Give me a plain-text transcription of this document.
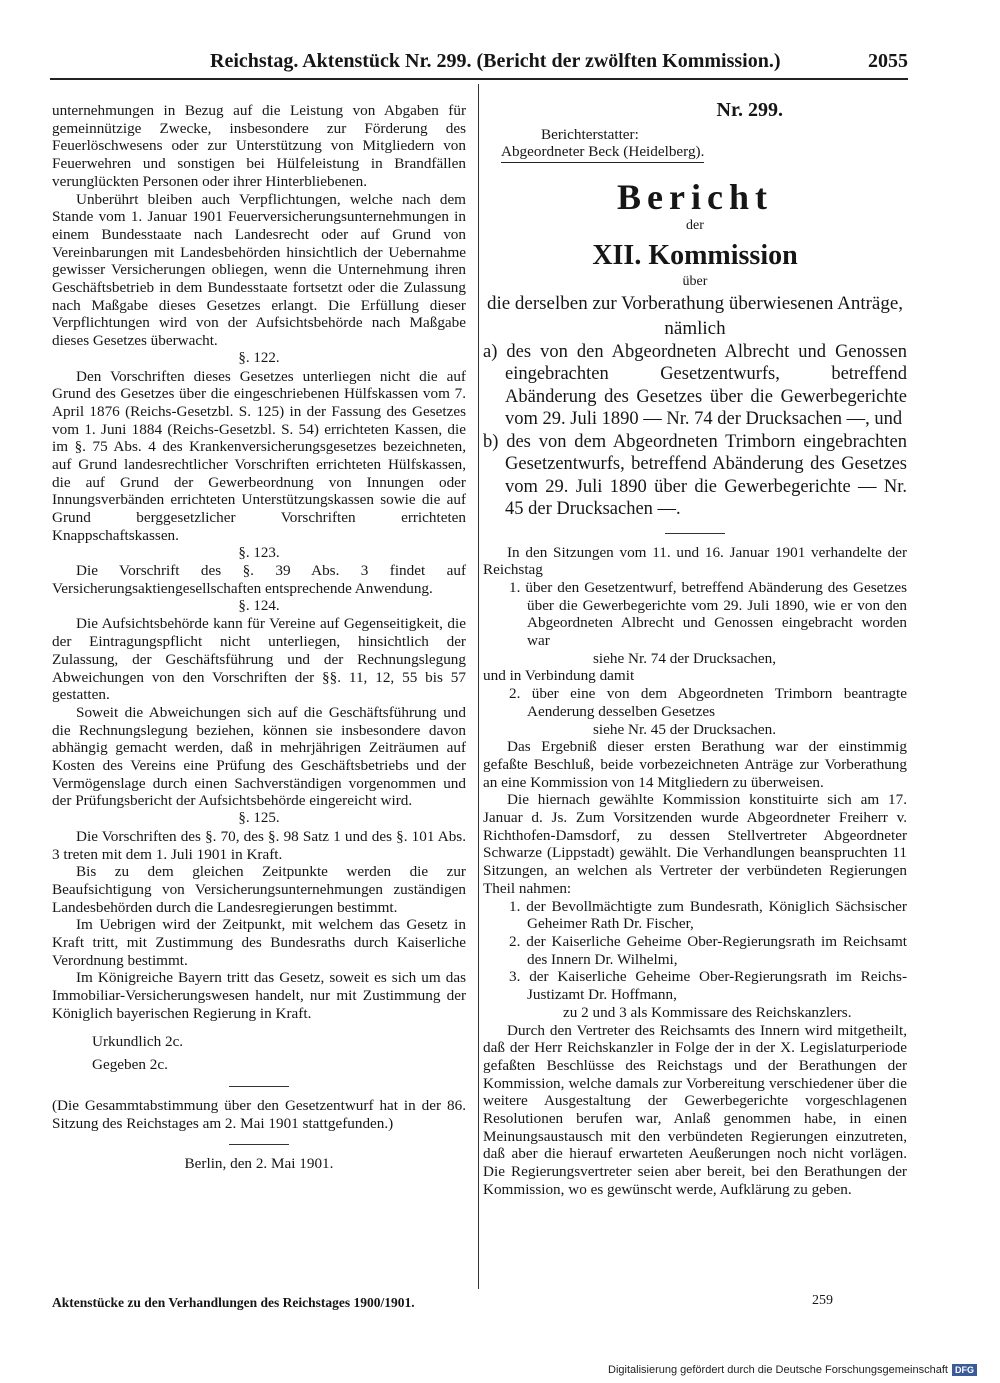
Reichstag. Aktenstück Nr. 299. (Bericht der zwölften Kommission.)	2055

unternehmungen in Bezug auf die Leistung von Abgaben für gemeinnützige Zwecke, insbesondere zur Förderung des Feuerlöschwesens oder zur Unterstützung von Mitgliedern von Feuerwehren und sonstigen bei Hülfeleistung in Brandfällen verunglückten Personen oder ihrer Hinterbliebenen.

Unberührt bleiben auch Verpflichtungen, welche nach dem Stande vom 1. Januar 1901 Feuerversicherungsunternehmungen in einem Bundesstaate nach Landesrecht oder auf Grund von Vereinbarungen mit Landesbehörden hinsichtlich der Uebernahme gewisser Versicherungen obliegen, wenn die Unternehmung ihren Geschäftsbetrieb in dem Bundesstaate fortsetzt oder die Zulassung nach Maßgabe dieses Gesetzes erlangt. Die Erfüllung dieser Verpflichtungen wird von der Aufsichtsbehörde nach Maßgabe dieses Gesetzes überwacht.

§. 122.

Den Vorschriften dieses Gesetzes unterliegen nicht die auf Grund des Gesetzes über die eingeschriebenen Hülfskassen vom 7. April 1876 (Reichs-Gesetzbl. S. 125) in der Fassung des Gesetzes vom 1. Juni 1884 (Reichs-Gesetzbl. S. 54) errichteten Kassen, die im §. 75 Abs. 4 des Krankenversicherungsgesetzes bezeichneten, auf Grund landesrechtlicher Vorschriften errichteten Hülfskassen, die auf Grund der Gewerbeordnung von Innungen oder Innungsverbänden errichteten Unterstützungskassen sowie die auf Grund berggesetzlicher Vorschriften errichteten Knappschaftskassen.

§. 123.

Die Vorschrift des §. 39 Abs. 3 findet auf Versicherungsaktiengesellschaften entsprechende Anwendung.

§. 124.

Die Aufsichtsbehörde kann für Vereine auf Gegenseitigkeit, die der Eintragungspflicht nicht unterliegen, hinsichtlich der Zulassung, der Geschäftsführung und der Rechnungslegung Abweichungen von den Vorschriften der §§. 11, 12, 55 bis 57 gestatten.

Soweit die Abweichungen sich auf die Geschäftsführung und die Rechnungslegung beziehen, können sie insbesondere davon abhängig gemacht werden, daß in mehrjährigen Zeiträumen auf Kosten des Vereins eine Prüfung des Geschäftsbetriebs und der Vermögenslage durch einen Sachverständigen vorgenommen und der Prüfungsbericht der Aufsichtsbehörde eingereicht wird.

§. 125.

Die Vorschriften des §. 70, des §. 98 Satz 1 und des §. 101 Abs. 3 treten mit dem 1. Juli 1901 in Kraft.

Bis zu dem gleichen Zeitpunkte werden die zur Beaufsichtigung von Versicherungsunternehmungen zuständigen Landesbehörden durch die Landesregierungen bestimmt.

Im Uebrigen wird der Zeitpunkt, mit welchem das Gesetz in Kraft tritt, mit Zustimmung des Bundesraths durch Kaiserliche Verordnung bestimmt.

Im Königreiche Bayern tritt das Gesetz, soweit es sich um das Immobiliar-Versicherungswesen handelt, nur mit Zustimmung der Königlich bayerischen Regierung in Kraft.

Urkundlich 2c.
Gegeben 2c.

(Die Gesammtabstimmung über den Gesetzentwurf hat in der 86. Sitzung des Reichstages am 2. Mai 1901 stattgefunden.)

Berlin, den 2. Mai 1901.

Nr. 299.
Berichterstatter:
Abgeordneter Beck (Heidelberg).
Bericht
der
XII. Kommission
über
die derselben zur Vorberathung überwiesenen Anträge, nämlich

a) des von den Abgeordneten Albrecht und Genossen eingebrachten Gesetzentwurfs, betreffend Abänderung des Gesetzes über die Gewerbegerichte vom 29. Juli 1890 — Nr. 74 der Drucksachen —, und

b) des von dem Abgeordneten Trimborn eingebrachten Gesetzentwurfs, betreffend Abänderung des Gesetzes vom 29. Juli 1890 über die Gewerbegerichte — Nr. 45 der Drucksachen —.

In den Sitzungen vom 11. und 16. Januar 1901 verhandelte der Reichstag

1. über den Gesetzentwurf, betreffend Abänderung des Gesetzes über die Gewerbegerichte vom 29. Juli 1890, wie er von den Abgeordneten Albrecht und Genossen eingebracht worden war

siehe Nr. 74 der Drucksachen,

und in Verbindung damit

2. über eine von dem Abgeordneten Trimborn beantragte Aenderung desselben Gesetzes

siehe Nr. 45 der Drucksachen.

Das Ergebniß dieser ersten Berathung war der einstimmig gefaßte Beschluß, beide vorbezeichneten Anträge zur Vorberathung an eine Kommission von 14 Mitgliedern zu überweisen.

Die hiernach gewählte Kommission konstituirte sich am 17. Januar d. Js. Zum Vorsitzenden wurde Abgeordneter Freiherr v. Richthofen-Damsdorf, zu dessen Stellvertreter Abgeordneter Schwarze (Lippstadt) gewählt. Die Verhandlungen beanspruchten 11 Sitzungen, an welchen als Vertreter der verbündeten Regierungen Theil nahmen:

1. der Bevollmächtigte zum Bundesrath, Königlich Sächsischer Geheimer Rath Dr. Fischer,

2. der Kaiserliche Geheime Ober-Regierungsrath im Reichsamt des Innern Dr. Wilhelmi,

3. der Kaiserliche Geheime Ober-Regierungsrath im Reichs-Justizamt Dr. Hoffmann,

zu 2 und 3 als Kommissare des Reichskanzlers.

Durch den Vertreter des Reichsamts des Innern wird mitgetheilt, daß der Herr Reichskanzler in Folge der in der X. Legislaturperiode gefaßten Beschlüsse des Reichstags und der Berathungen der Kommission, welche damals zur Vorbereitung verschiedener über die weitere Ausgestaltung der Gewerbegerichte vorgeschlagenen Resolutionen berufen war, Anlaß genommen habe, in einen Meinungsaustausch mit den verbündeten Regierungen einzutreten, daß aber die hierauf erwarteten Aeußerungen noch nicht vorlägen. Die Regierungsvertreter seien aber bereit, bei den Berathungen der Kommission, wo es gewünscht werde, Aufklärung zu geben.

Aktenstücke zu den Verhandlungen des Reichstages 1900/1901.	259
Digitalisierung gefördert durch die Deutsche Forschungsgemeinschaft DFG
